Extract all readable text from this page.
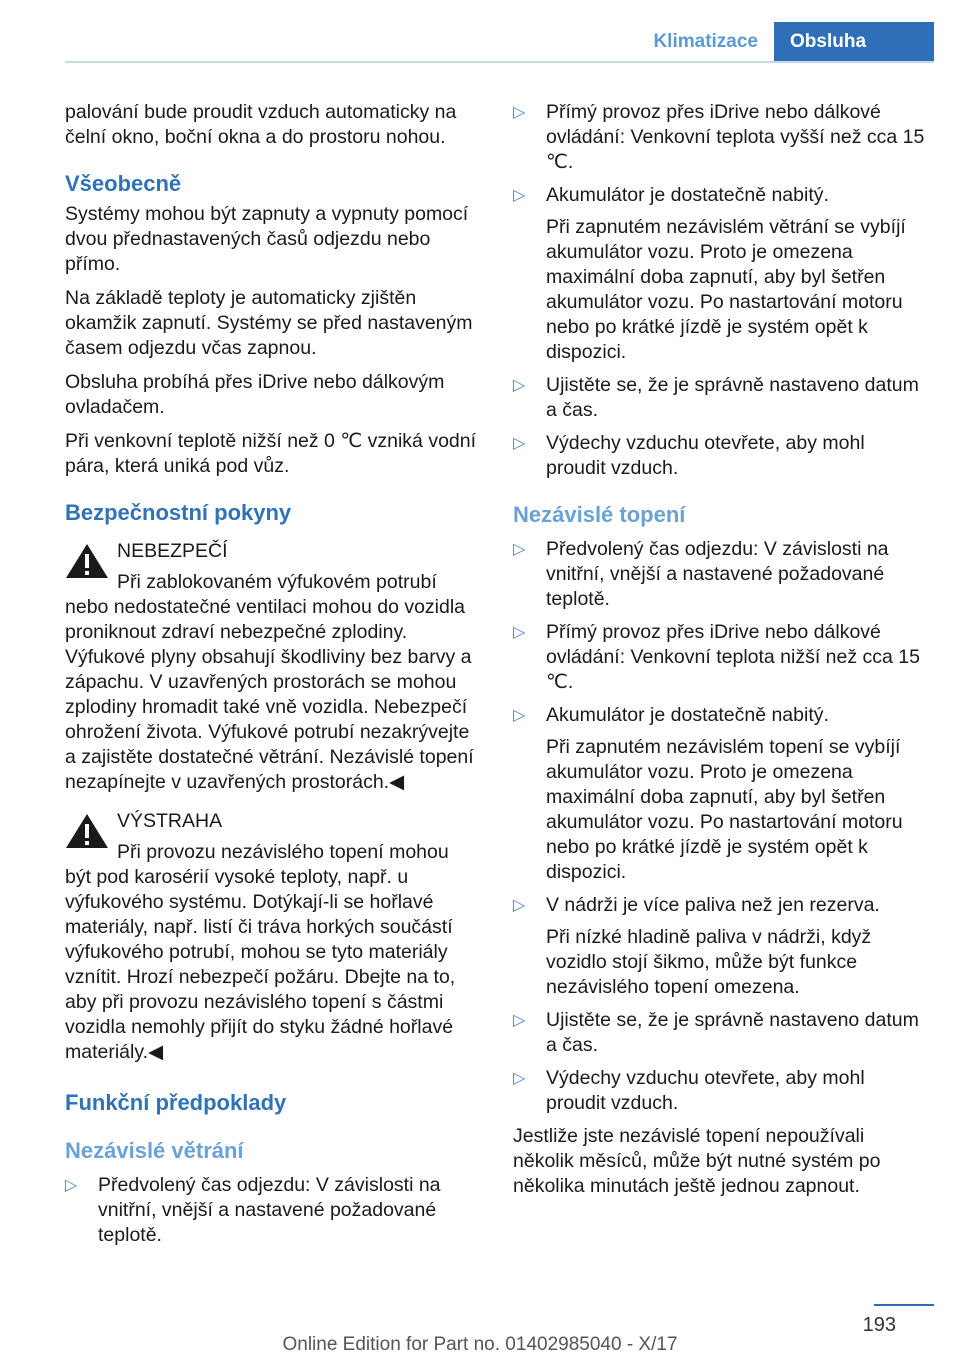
Klimatizace	Obsluha

palování bude proudit vzduch automaticky na čelní okno, boční okna a do prostoru nohou.

Všeobecně

Systémy mohou být zapnuty a vypnuty pomocí dvou přednastavených časů odjezdu nebo přímo.

Na základě teploty je automaticky zjištěn okamžik zapnutí. Systémy se před nastaveným časem odjezdu včas zapnou.

Obsluha probíhá přes iDrive nebo dálkovým ovladačem.

Při venkovní teplotě nižší než 0 ℃ vzniká vodní pára, která uniká pod vůz.

Bezpečnostní pokyny
NEBEZPEČÍ
Při zablokovaném výfukovém potrubí nebo nedostatečné ventilaci mohou do vozidla proniknout zdraví nebezpečné zplodiny. Výfukové plyny obsahují škodliviny bez barvy a zápachu. V uzavřených prostorách se mohou zplodiny hromadit také vně vozidla. Nebezpečí ohrožení života. Výfukové potrubí nezakrývejte a zajistěte dostatečné větrání. Nezávislé topení nezapínejte v uzavřených prostorách.◀
VÝSTRAHA
Při provozu nezávislého topení mohou být pod karosérií vysoké teploty, např. u výfukového systému. Dotýkají-li se hořlavé materiály, např. listí či tráva horkých součástí výfukového potrubí, mohou se tyto materiály vznítit. Hrozí nebezpečí požáru. Dbejte na to, aby při provozu nezávislého topení s částmi vozidla nemohly přijít do styku žádné hořlavé materiály.◀
Funkční předpoklady
Nezávislé větrání
▷ Předvolený čas odjezdu: V závislosti na vnitřní, vnější a nastavené požadované teplotě.
▷ Přímý provoz přes iDrive nebo dálkové ovládání: Venkovní teplota vyšší než cca 15 ℃.
▷ Akumulátor je dostatečně nabitý.
Při zapnutém nezávislém větrání se vybíjí akumulátor vozu. Proto je omezena maximální doba zapnutí, aby byl šetřen akumulátor vozu. Po nastartování motoru nebo po krátké jízdě je systém opět k dispozici.
▷ Ujistěte se, že je správně nastaveno datum a čas.
▷ Výdechy vzduchu otevřete, aby mohl proudit vzduch.
Nezávislé topení
▷ Předvolený čas odjezdu: V závislosti na vnitřní, vnější a nastavené požadované teplotě.
▷ Přímý provoz přes iDrive nebo dálkové ovládání: Venkovní teplota nižší než cca 15 ℃.
▷ Akumulátor je dostatečně nabitý.
Při zapnutém nezávislém topení se vybíjí akumulátor vozu. Proto je omezena maximální doba zapnutí, aby byl šetřen akumulátor vozu. Po nastartování motoru nebo po krátké jízdě je systém opět k dispozici.
▷ V nádrži je více paliva než jen rezerva.
Při nízké hladině paliva v nádrži, když vozidlo stojí šikmo, může být funkce nezávislého topení omezena.
▷ Ujistěte se, že je správně nastaveno datum a čas.
▷ Výdechy vzduchu otevřete, aby mohl proudit vzduch.

Jestliže jste nezávislé topení nepoužívali několik měsíců, může být nutné systém po několika minutách ještě jednou zapnout.

193
Online Edition for Part no. 01402985040 - X/17
